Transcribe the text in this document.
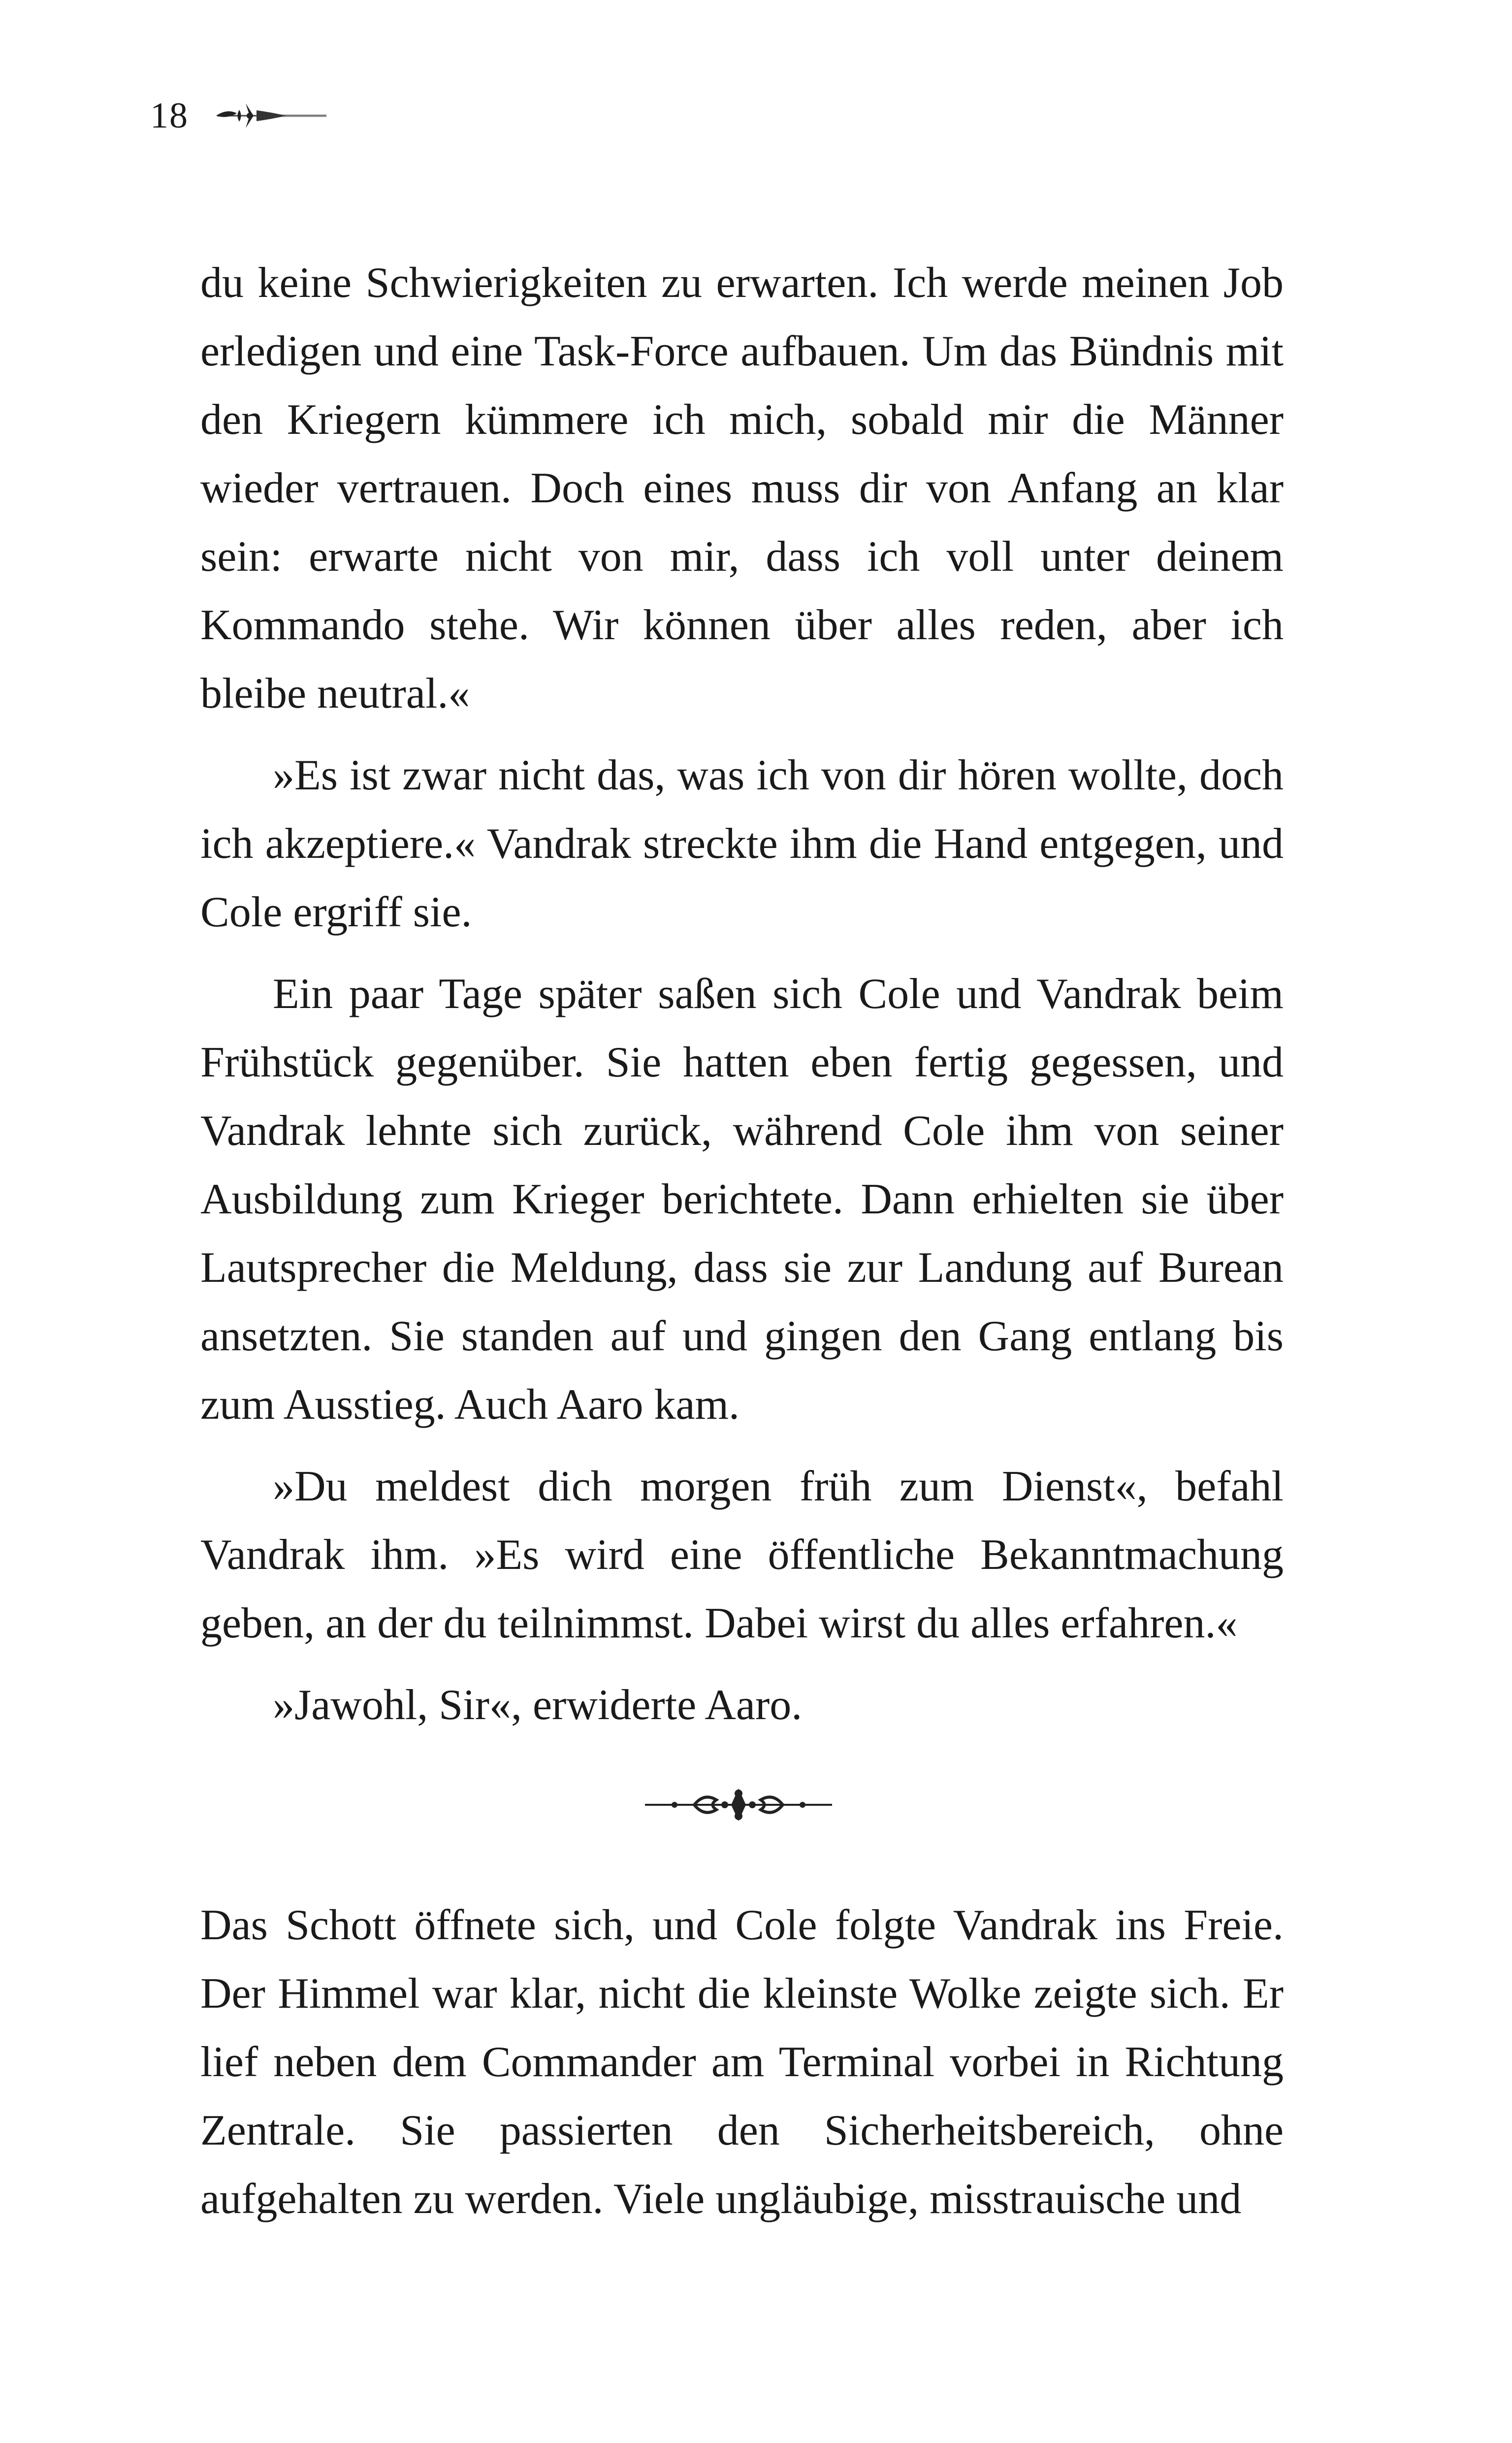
18

du keine Schwierigkeiten zu erwarten. Ich werde meinen Job erledigen und eine Task-Force aufbauen. Um das Bündnis mit den Kriegern kümmere ich mich, sobald mir die Männer wieder vertrauen. Doch eines muss dir von Anfang an klar sein: erwarte nicht von mir, dass ich voll unter deinem Kommando stehe. Wir können über alles reden, aber ich bleibe neutral.«

»Es ist zwar nicht das, was ich von dir hören wollte, doch ich akzeptiere.« Vandrak streckte ihm die Hand entgegen, und Cole ergriff sie.

Ein paar Tage später saßen sich Cole und Vandrak beim Frühstück gegenüber. Sie hatten eben fertig gegessen, und Vandrak lehnte sich zurück, während Cole ihm von seiner Ausbildung zum Krieger berichtete. Dann erhielten sie über Lautsprecher die Meldung, dass sie zur Landung auf Burean ansetzten. Sie standen auf und gingen den Gang entlang bis zum Ausstieg. Auch Aaro kam.

»Du meldest dich morgen früh zum Dienst«, befahl Vandrak ihm. »Es wird eine öffentliche Bekanntmachung geben, an der du teilnimmst. Dabei wirst du alles erfahren.«

»Jawohl, Sir«, erwiderte Aaro.

Das Schott öffnete sich, und Cole folgte Vandrak ins Freie. Der Himmel war klar, nicht die kleinste Wolke zeigte sich. Er lief neben dem Commander am Terminal vorbei in Richtung Zentrale. Sie passierten den Sicherheitsbereich, ohne aufgehalten zu werden. Viele ungläubige, misstrauische und
